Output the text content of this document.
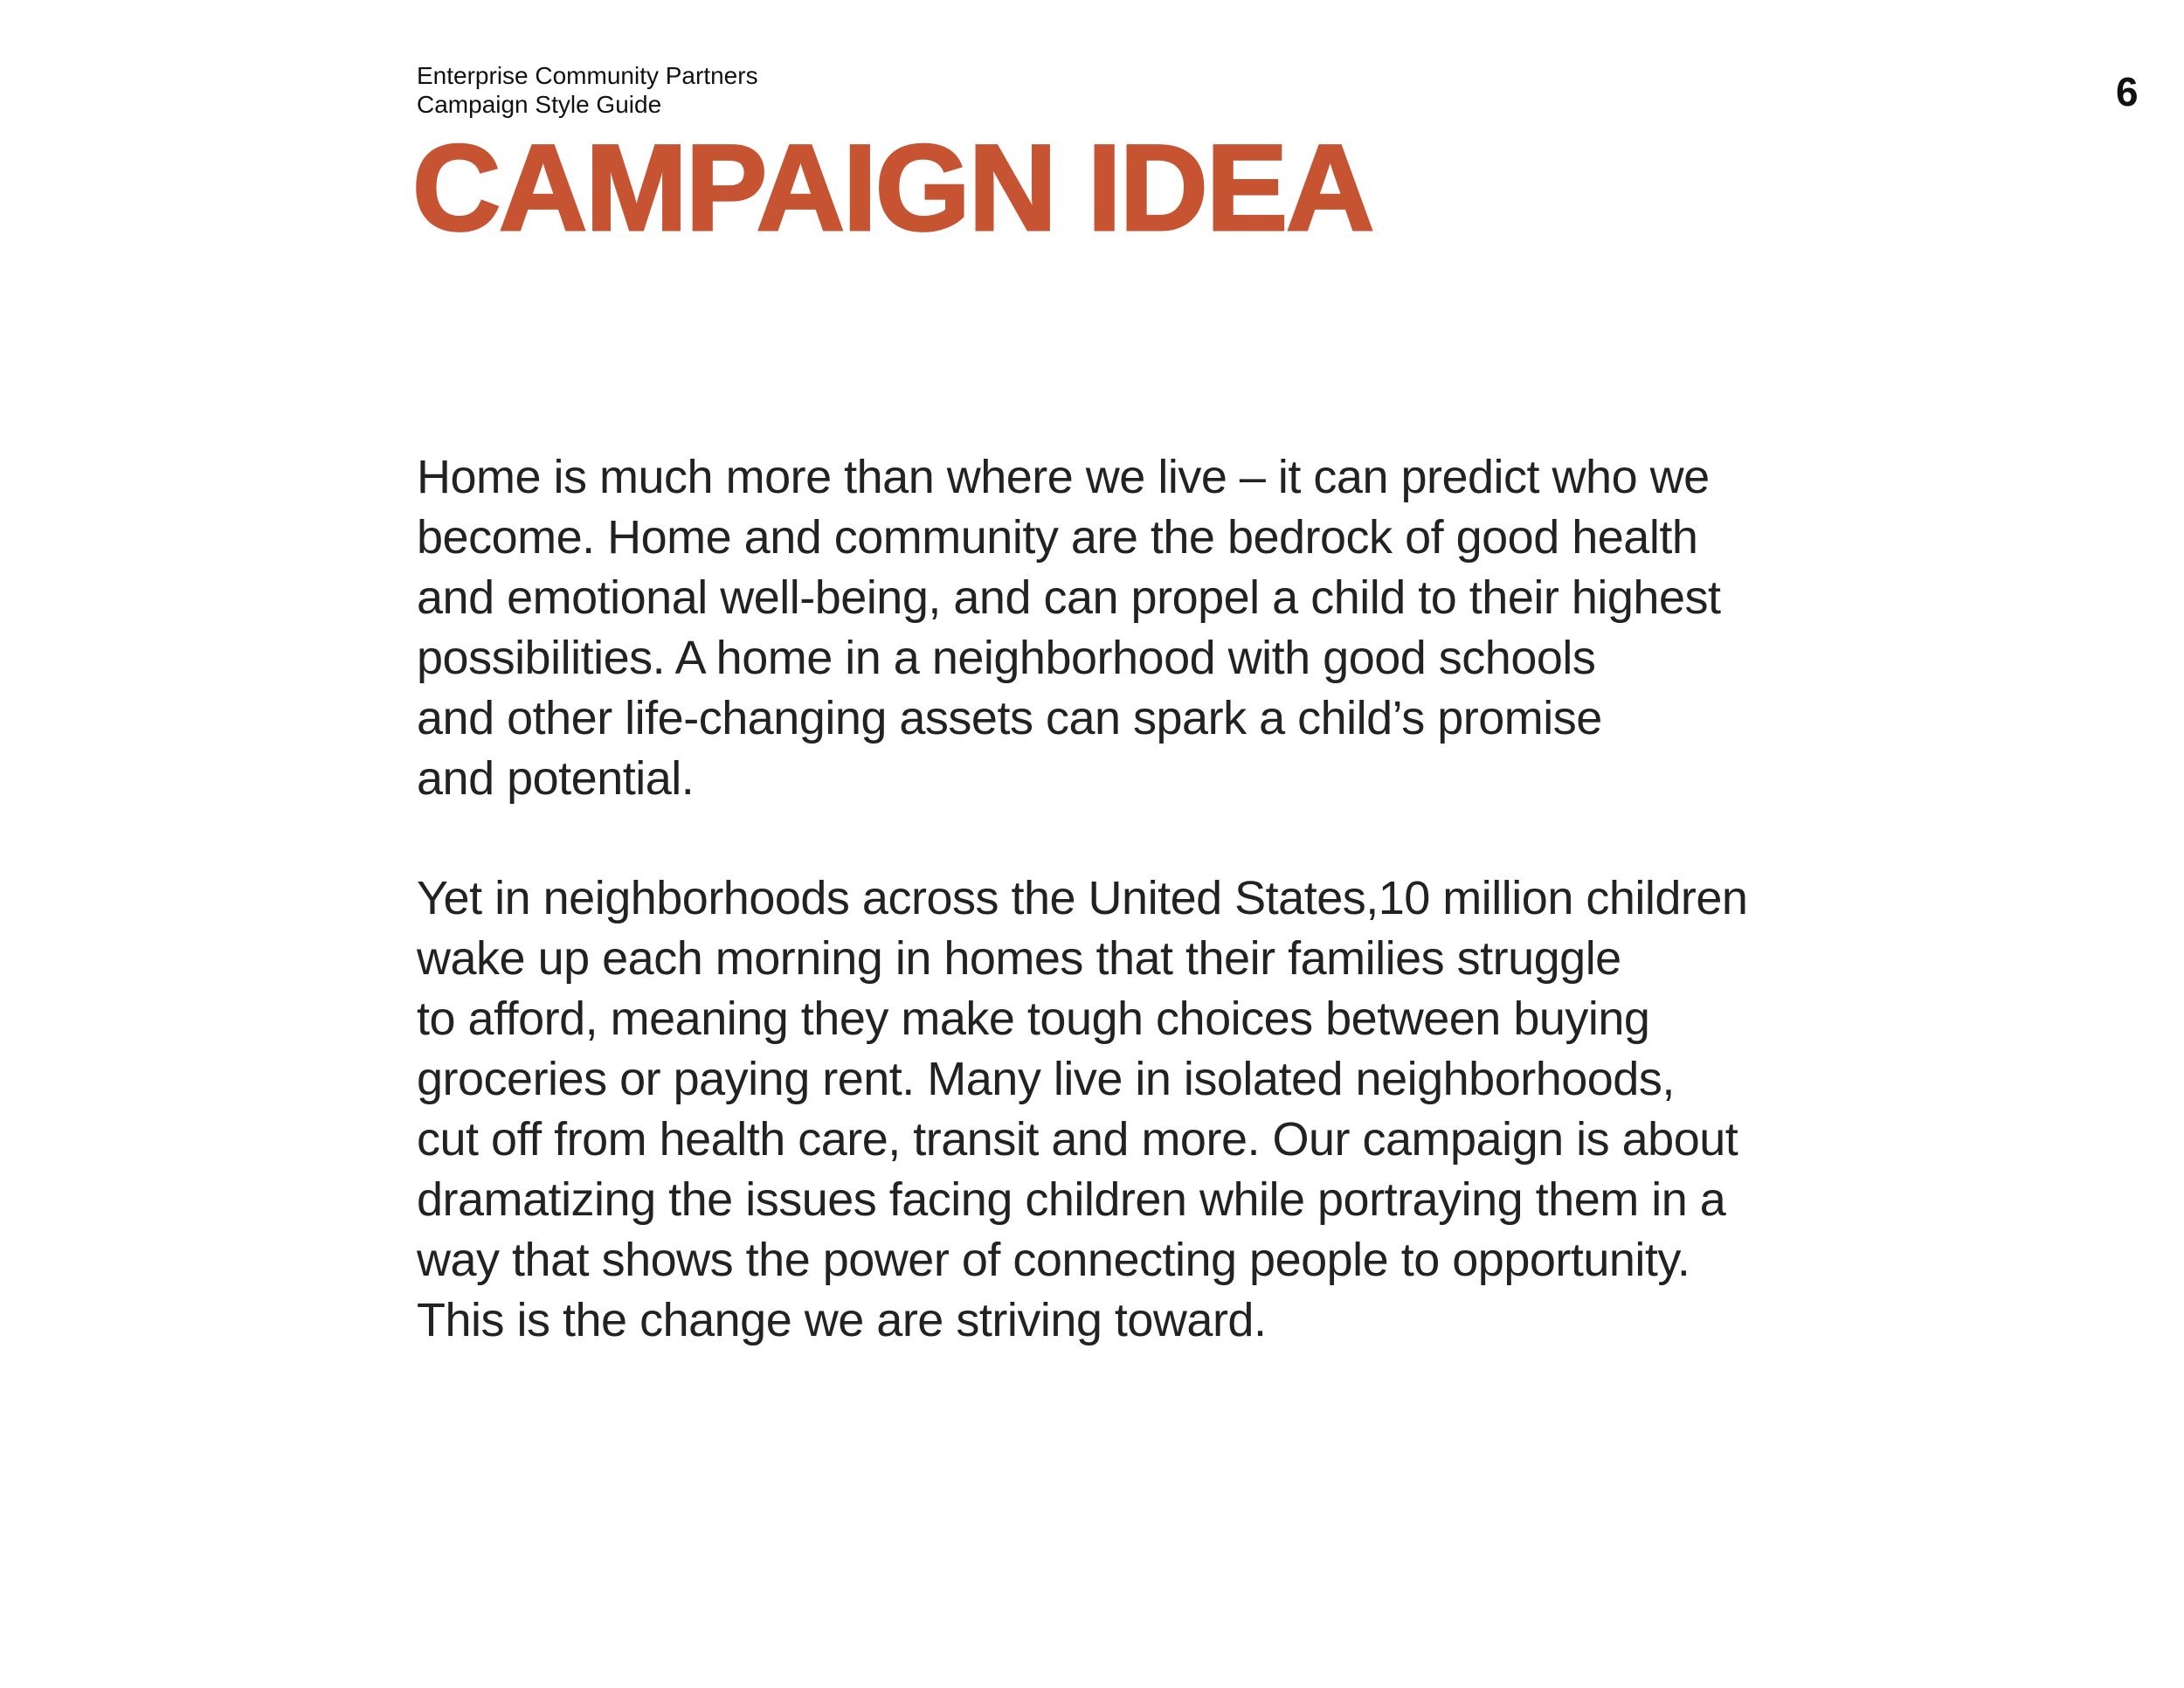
Enterprise Community Partners
Campaign Style Guide	6
CAMPAIGN IDEA
Home is much more than where we live – it can predict who we
become. Home and community are the bedrock of good health
and emotional well-being, and can propel a child to their highest
possibilities. A home in a neighborhood with good schools
and other life-changing assets can spark a child’s promise
and potential.
Yet in neighborhoods across the United States,10 million children
wake up each morning in homes that their families struggle
to afford, meaning they make tough choices between buying
groceries or paying rent. Many live in isolated neighborhoods,
cut off from health care, transit and more. Our campaign is about
dramatizing the issues facing children while portraying them in a
way that shows the power of connecting people to opportunity.
This is the change we are striving toward.
